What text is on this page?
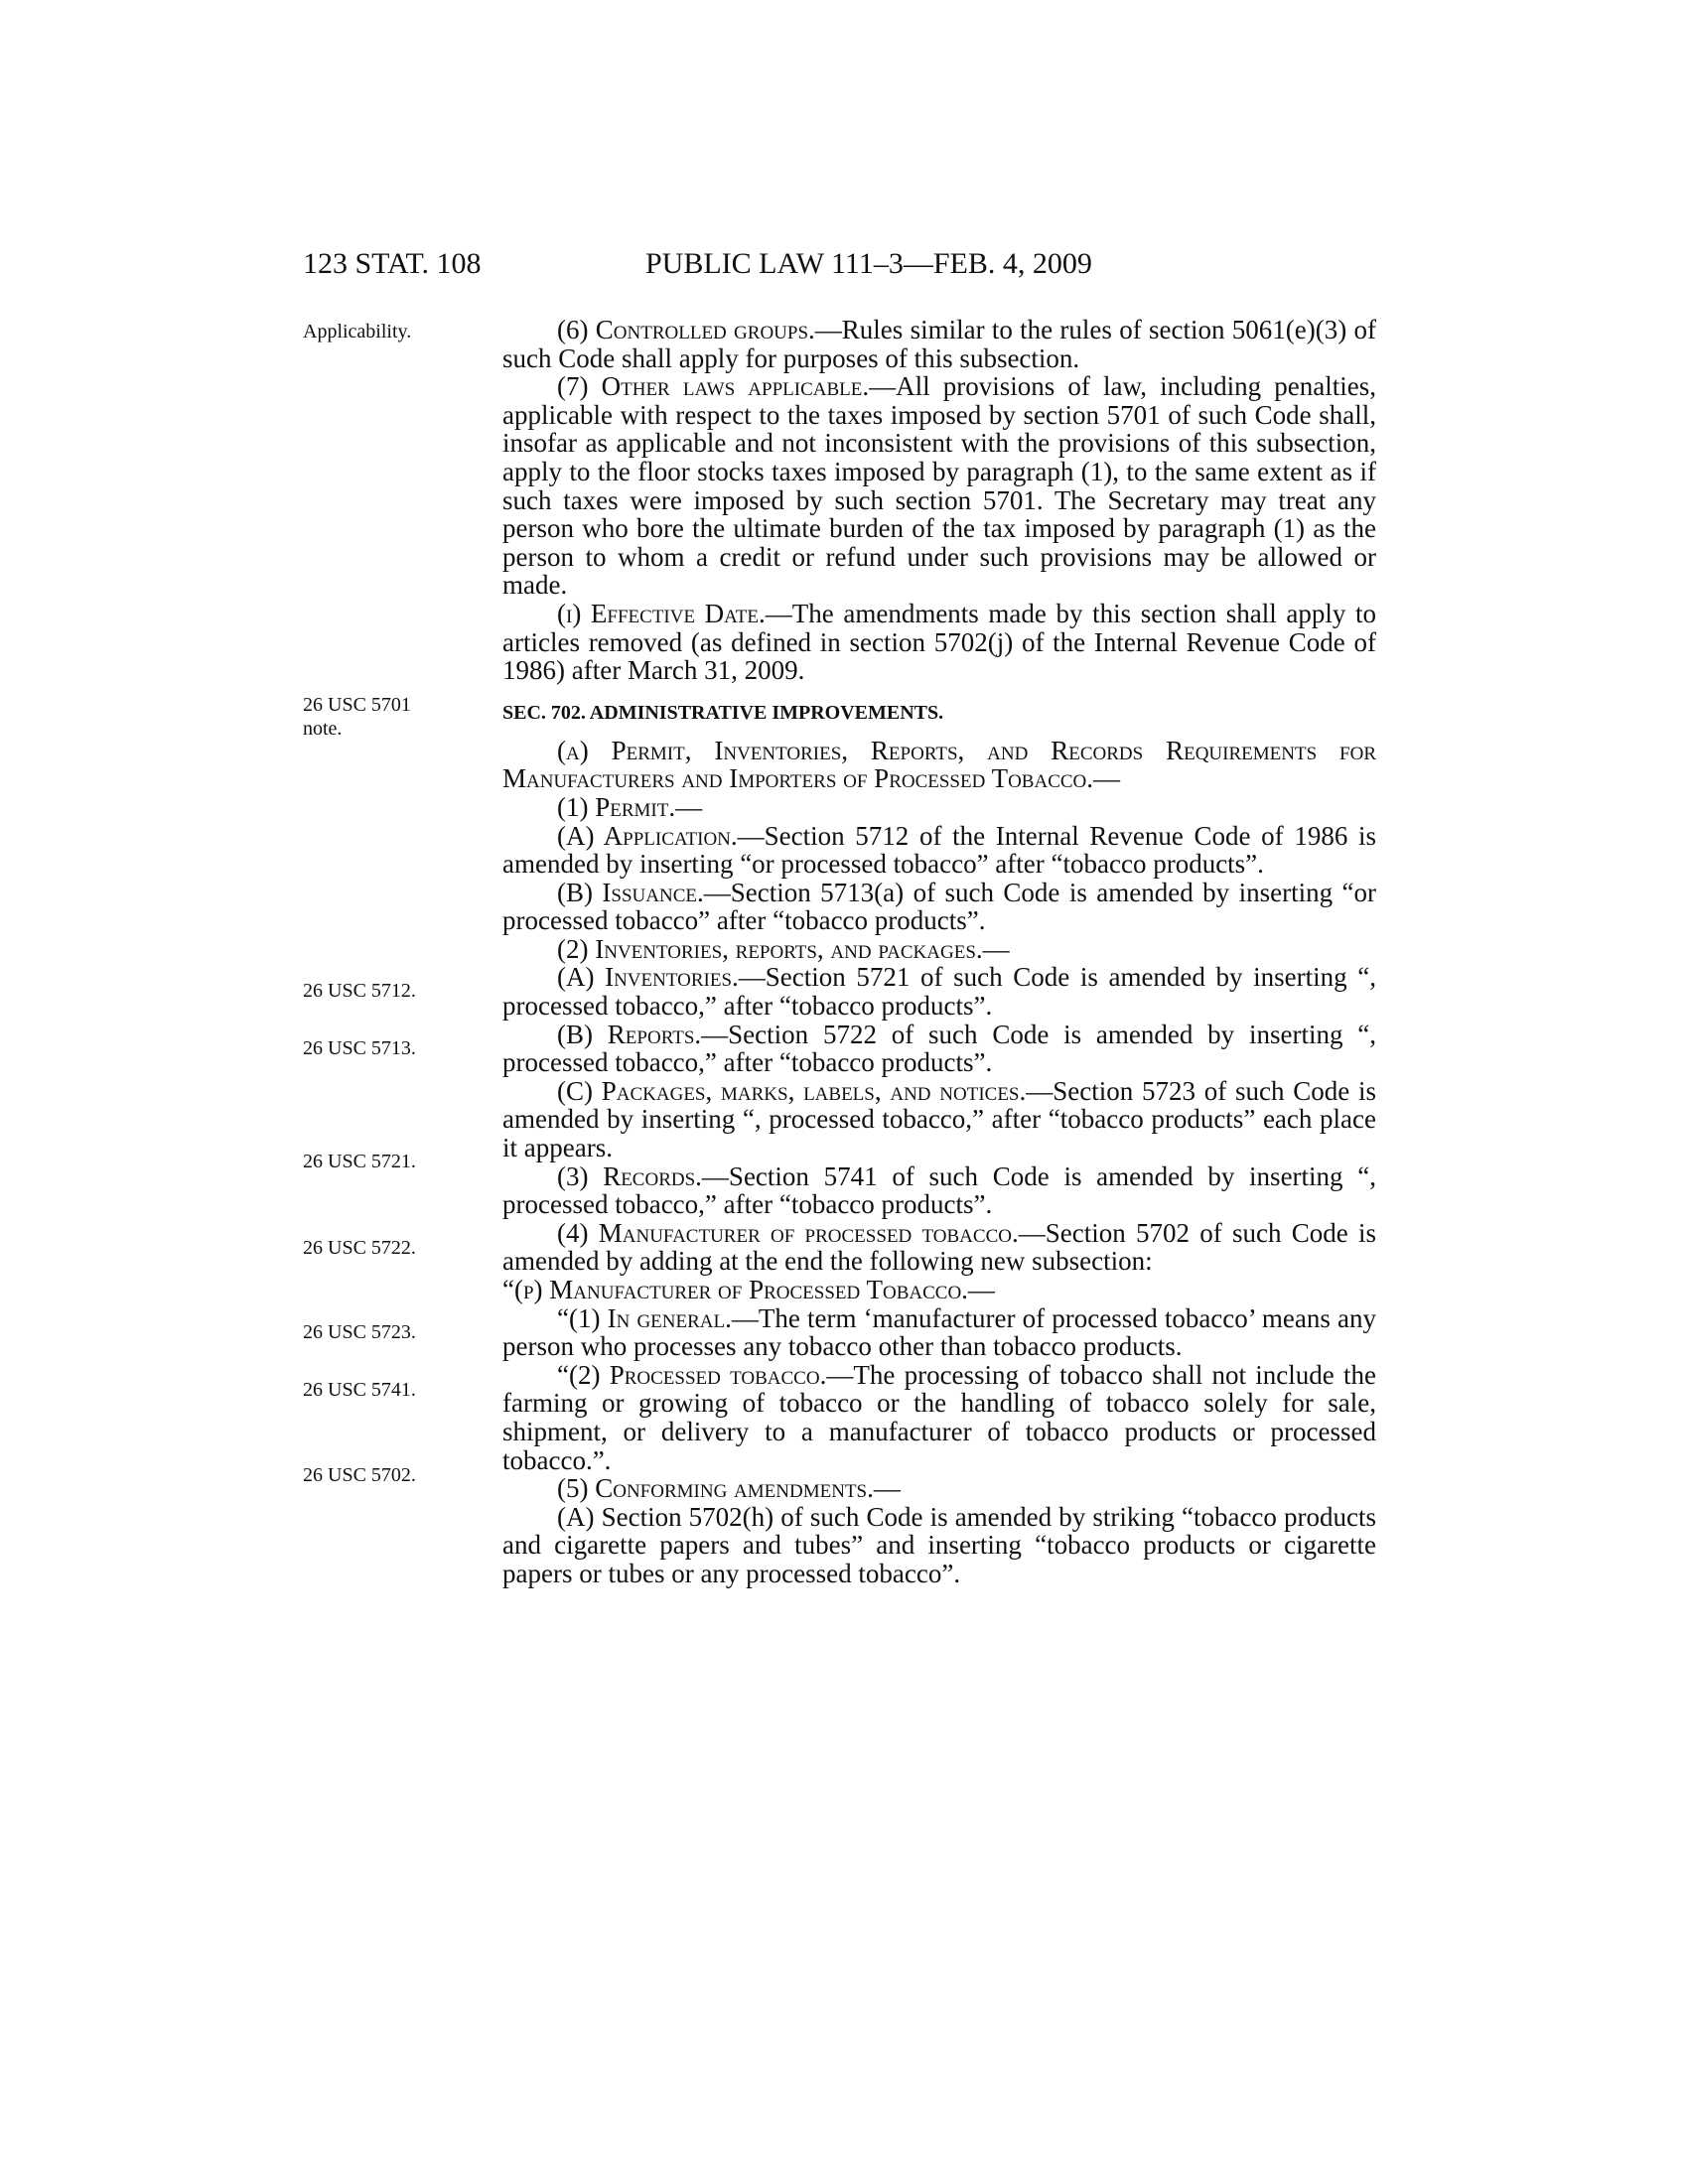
123 STAT. 108	PUBLIC LAW 111–3—FEB. 4, 2009
Applicability.
26 USC 5701 note.
26 USC 5712.
26 USC 5713.
26 USC 5721.
26 USC 5722.
26 USC 5723.
26 USC 5741.
26 USC 5702.

(6) Controlled groups.—Rules similar to the rules of section 5061(e)(3) of such Code shall apply for purposes of this subsection.

(7) Other laws applicable.—All provisions of law, including penalties, applicable with respect to the taxes imposed by section 5701 of such Code shall, insofar as applicable and not inconsistent with the provisions of this subsection, apply to the floor stocks taxes imposed by paragraph (1), to the same extent as if such taxes were imposed by such section 5701. The Secretary may treat any person who bore the ultimate burden of the tax imposed by paragraph (1) as the person to whom a credit or refund under such provisions may be allowed or made.

(i) Effective Date.—The amendments made by this section shall apply to articles removed (as defined in section 5702(j) of the Internal Revenue Code of 1986) after March 31, 2009.

SEC. 702. ADMINISTRATIVE IMPROVEMENTS.

(a) Permit, Inventories, Reports, and Records Requirements for Manufacturers and Importers of Processed Tobacco.—

(1) Permit.—

(A) Application.—Section 5712 of the Internal Revenue Code of 1986 is amended by inserting “or processed tobacco” after “tobacco products”.

(B) Issuance.—Section 5713(a) of such Code is amended by inserting “or processed tobacco” after “tobacco products”.

(2) Inventories, reports, and packages.—

(A) Inventories.—Section 5721 of such Code is amended by inserting “, processed tobacco,” after “tobacco products”.

(B) Reports.—Section 5722 of such Code is amended by inserting “, processed tobacco,” after “tobacco products”.

(C) Packages, marks, labels, and notices.—Section 5723 of such Code is amended by inserting “, processed tobacco,” after “tobacco products” each place it appears.

(3) Records.—Section 5741 of such Code is amended by inserting “, processed tobacco,” after “tobacco products”.

(4) Manufacturer of processed tobacco.—Section 5702 of such Code is amended by adding at the end the following new subsection:

“(p) Manufacturer of Processed Tobacco.—

“(1) In general.—The term ‘manufacturer of processed tobacco’ means any person who processes any tobacco other than tobacco products.

“(2) Processed tobacco.—The processing of tobacco shall not include the farming or growing of tobacco or the handling of tobacco solely for sale, shipment, or delivery to a manufacturer of tobacco products or processed tobacco.”.

(5) Conforming amendments.—

(A) Section 5702(h) of such Code is amended by striking “tobacco products and cigarette papers and tubes” and inserting “tobacco products or cigarette papers or tubes or any processed tobacco”.
